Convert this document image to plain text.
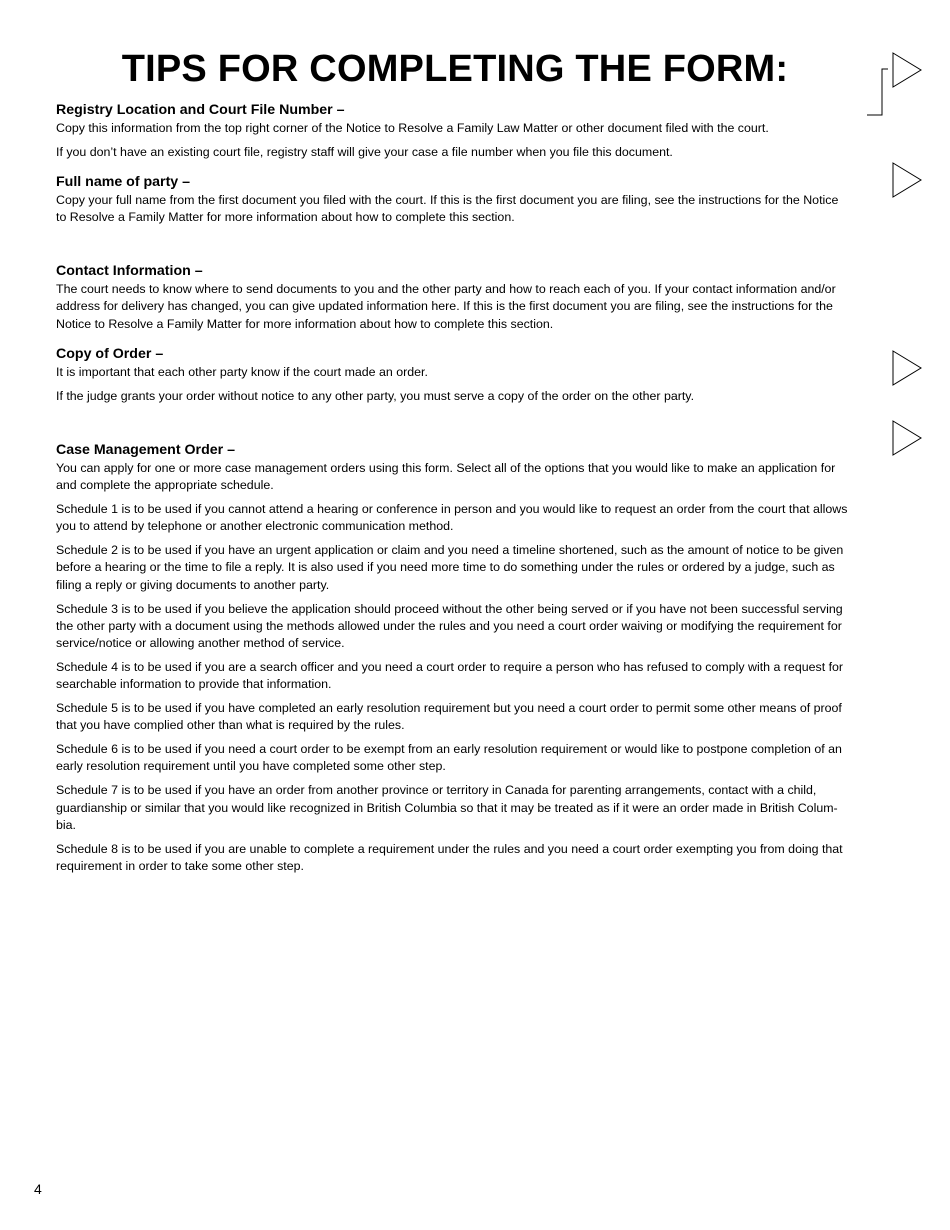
TIPS FOR COMPLETING THE FORM:
Registry Location and Court File Number –

Copy this information from the top right corner of the Notice to Resolve a Family Law Matter or other document filed with the court.

If you don’t have an existing court file, registry staff will give your case a file number when you file this document.

Full name of party –

Copy your full name from the first document you filed with the court. If this is the first document you are filing, see the instructions for the Notice to Resolve a Family Matter for more information about how to complete this section.

Contact Information –

The court needs to know where to send documents to you and the other party and how to reach each of you. If your contact information and/or address for delivery has changed, you can give updated information here. If this is the first document you are filing, see the instructions for the Notice to Resolve a Family Matter for more information about how to complete this section.

Copy of Order –

It is important that each other party know if the court made an order.

If the judge grants your order without notice to any other party, you must serve a copy of the order on the other party.

Case Management Order –

You can apply for one or more case management orders using this form. Select all of the options that you would like to make an application for and complete the appropriate schedule.

Schedule 1 is to be used if you cannot attend a hearing or conference in person and you would like to request an order from the court that allows you to attend by telephone or another electronic communication method.

Schedule 2 is to be used if you have an urgent application or claim and you need a timeline shortened, such as the amount of notice to be given before a hearing or the time to file a reply. It is also used if you need more time to do something under the rules or ordered by a judge, such as filing a reply or giving documents to another party.

Schedule 3 is to be used if you believe the application should proceed without the other being served or if you have not been successful serving the other party with a document using the methods allowed under the rules and you need a court order waiving or modifying the requirement for service/notice or allowing another method of service.

Schedule 4 is to be used if you are a search officer and you need a court order to require a person who has refused to comply with a request for searchable information to provide that information.

Schedule 5 is to be used if you have completed an early resolution requirement but you need a court order to permit some other means of proof that you have complied other than what is required by the rules.

Schedule 6 is to be used if you need a court order to be exempt from an early resolution requirement or would like to postpone completion of an early resolution requirement until you have completed some other step.

Schedule 7 is to be used if you have an order from another province or territory in Canada for parenting arrangements, contact with a child, guardianship or similar that you would like recognized in British Columbia so that it may be treated as if it were an order made in British Colum-bia.

Schedule 8 is to be used if you are unable to complete a requirement under the rules and you need a court order exempting you from doing that requirement in order to take some other step.

4
